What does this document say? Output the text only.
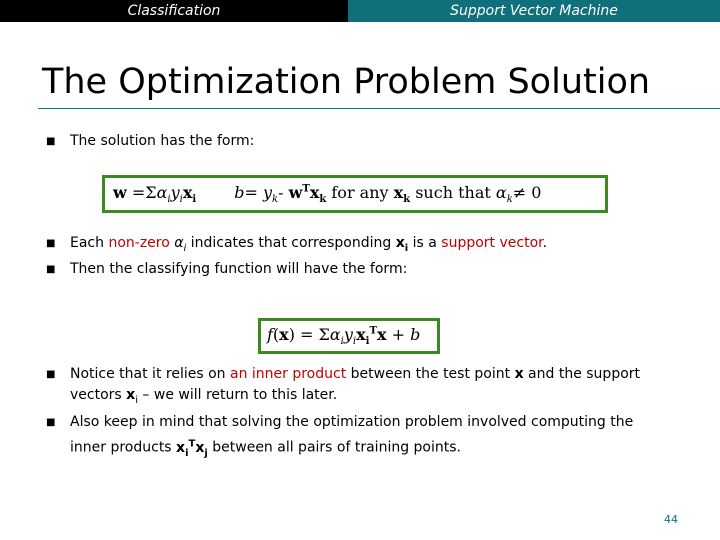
Classification	Support Vector Machine
The Optimization Problem Solution
■ The solution has the form:
$w =\Sigma\alpha_iy_ix_i$ $b= y_k-$ $w^Tx_k$ for any $x_k$ such that $\alpha_k\ne 0$
■ Each non-zero $\alpha_i$ indicates that corresponding $x_i$ is a support vector.
■ Then the classifying function will have the form:
$f(x) = \Sigma\alpha_iy_ix_i^Tx + b$
■ Notice that it relies on an inner product between the test point x and the support
vectors $x_i$ – we will return to this later.
■ Also keep in mind that solving the optimization problem involved computing the
inner products $x_i^Tx_j$ between all pairs of training points.
44
